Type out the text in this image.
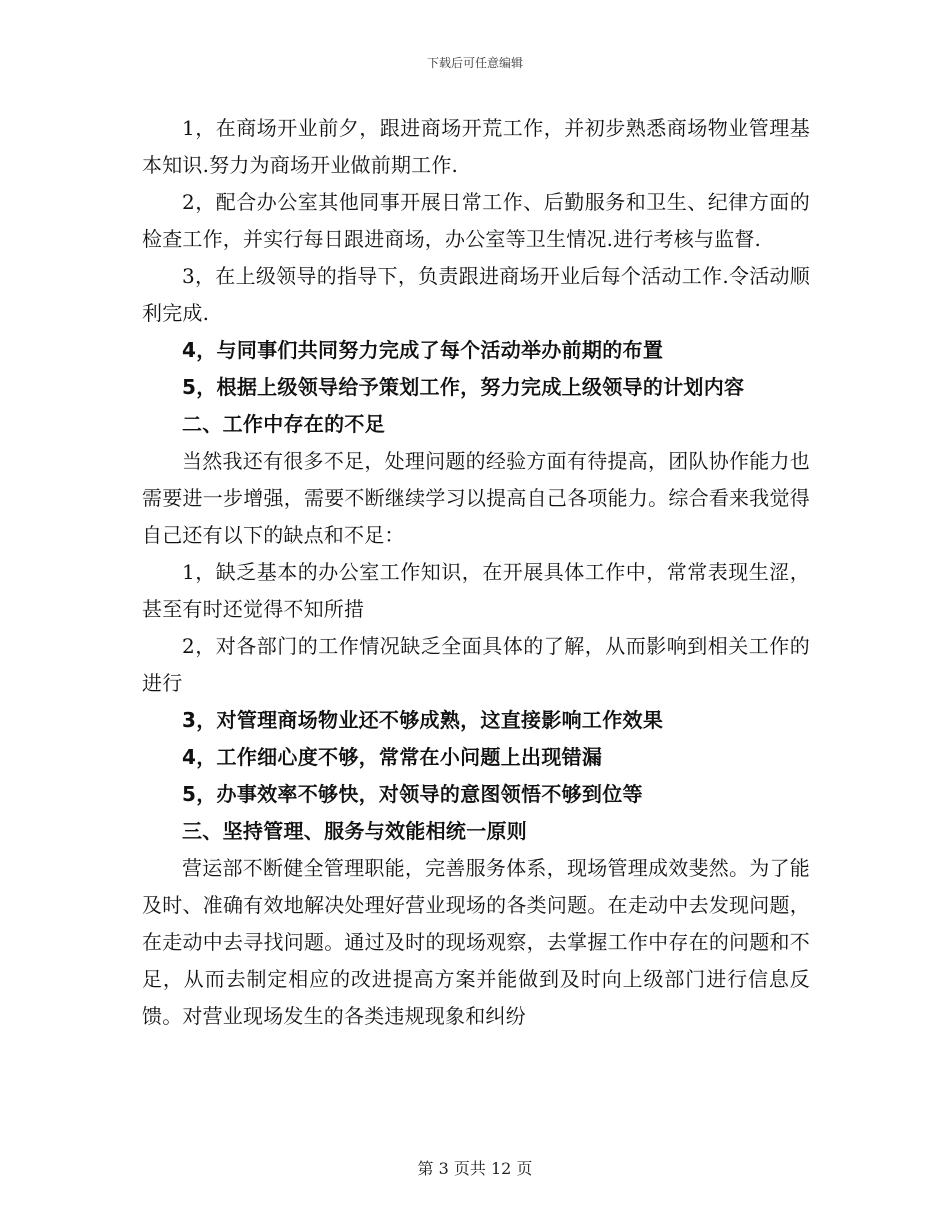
下载后可任意编辑

1，在商场开业前夕，跟进商场开荒工作，并初步熟悉商场物业管理基本知识.努力为商场开业做前期工作.

2，配合办公室其他同事开展日常工作、后勤服务和卫生、纪律方面的检查工作，并实行每日跟进商场，办公室等卫生情况.进行考核与监督.

3，在上级领导的指导下，负责跟进商场开业后每个活动工作.令活动顺利完成.

4，与同事们共同努力完成了每个活动举办前期的布置

5，根据上级领导给予策划工作，努力完成上级领导的计划内容

二、工作中存在的不足

当然我还有很多不足，处理问题的经验方面有待提高，团队协作能力也需要进一步增强，需要不断继续学习以提高自己各项能力。综合看来我觉得自己还有以下的缺点和不足：

1，缺乏基本的办公室工作知识，在开展具体工作中，常常表现生涩，甚至有时还觉得不知所措

2，对各部门的工作情况缺乏全面具体的了解，从而影响到相关工作的进行

3，对管理商场物业还不够成熟，这直接影响工作效果

4，工作细心度不够，常常在小问题上出现错漏

5，办事效率不够快，对领导的意图领悟不够到位等

三、坚持管理、服务与效能相统一原则

营运部不断健全管理职能，完善服务体系，现场管理成效斐然。为了能及时、准确有效地解决处理好营业现场的各类问题。在走动中去发现问题，在走动中去寻找问题。通过及时的现场观察，去掌握工作中存在的问题和不足，从而去制定相应的改进提高方案并能做到及时向上级部门进行信息反馈。对营业现场发生的各类违规现象和纠纷

第 3 页共 12 页
